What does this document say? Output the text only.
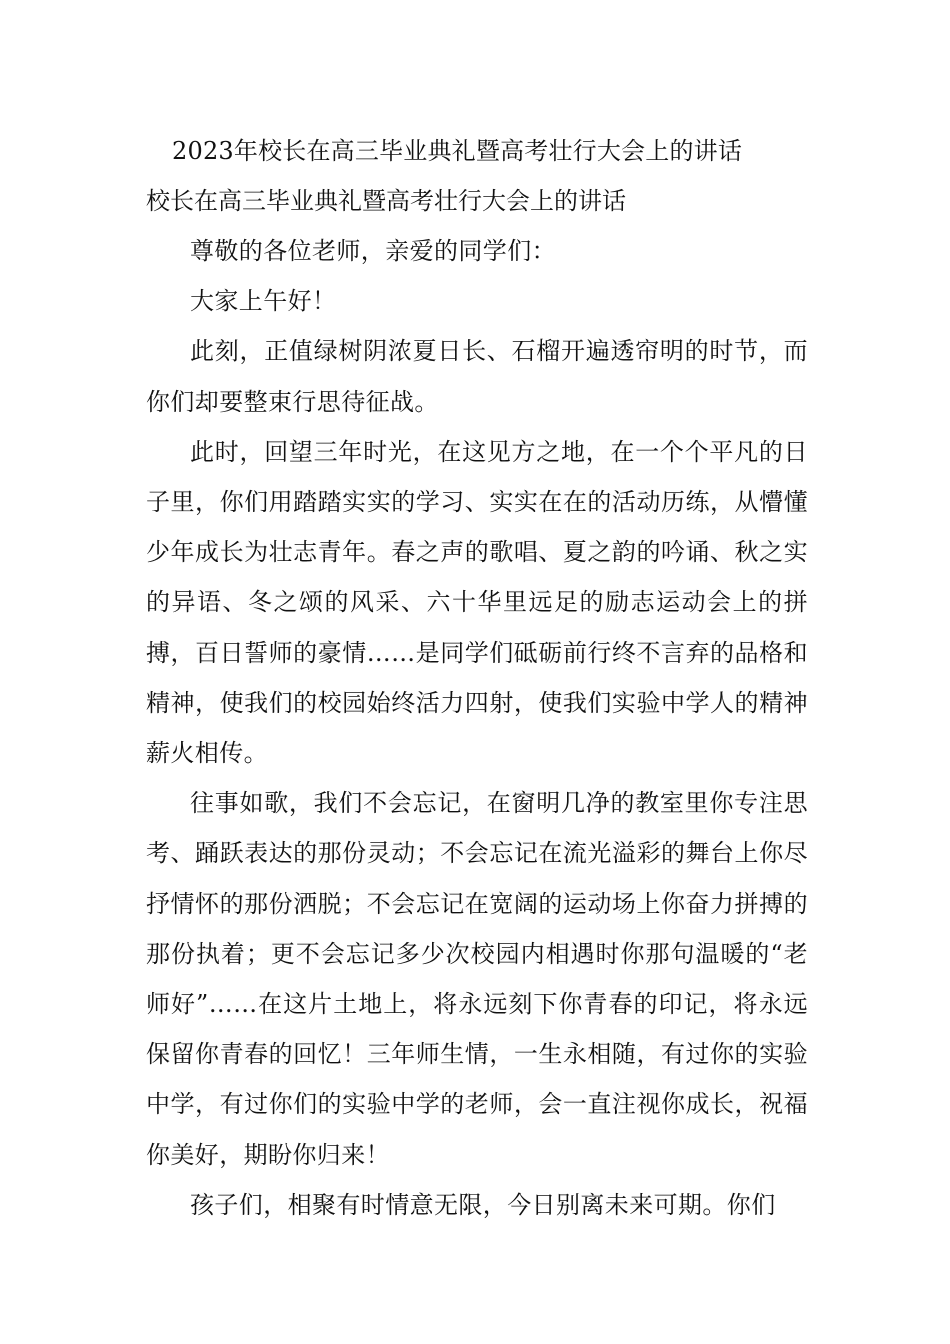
2023年校长在高三毕业典礼暨高考壮行大会上的讲话
校长在高三毕业典礼暨高考壮行大会上的讲话

尊敬的各位老师，亲爱的同学们：

大家上午好！

此刻，正值绿树阴浓夏日长、石榴开遍透帘明的时节，而你们却要整束行思待征战。

此时，回望三年时光，在这见方之地，在一个个平凡的日子里，你们用踏踏实实的学习、实实在在的活动历练，从懵懂少年成长为壮志青年。春之声的歌唱、夏之韵的吟诵、秋之实的异语、冬之颂的风采、六十华里远足的励志运动会上的拼搏，百日誓师的豪情……是同学们砥砺前行终不言弃的品格和精神，使我们的校园始终活力四射，使我们实验中学人的精神薪火相传。

往事如歌，我们不会忘记，在窗明几净的教室里你专注思考、踊跃表达的那份灵动；不会忘记在流光溢彩的舞台上你尽抒情怀的那份洒脱；不会忘记在宽阔的运动场上你奋力拼搏的那份执着；更不会忘记多少次校园内相遇时你那句温暖的“老师好”……在这片土地上，将永远刻下你青春的印记，将永远保留你青春的回忆！三年师生情，一生永相随，有过你的实验中学，有过你们的实验中学的老师，会一直注视你成长，祝福你美好，期盼你归来！

孩子们，相聚有时情意无限，今日别离未来可期。你们
